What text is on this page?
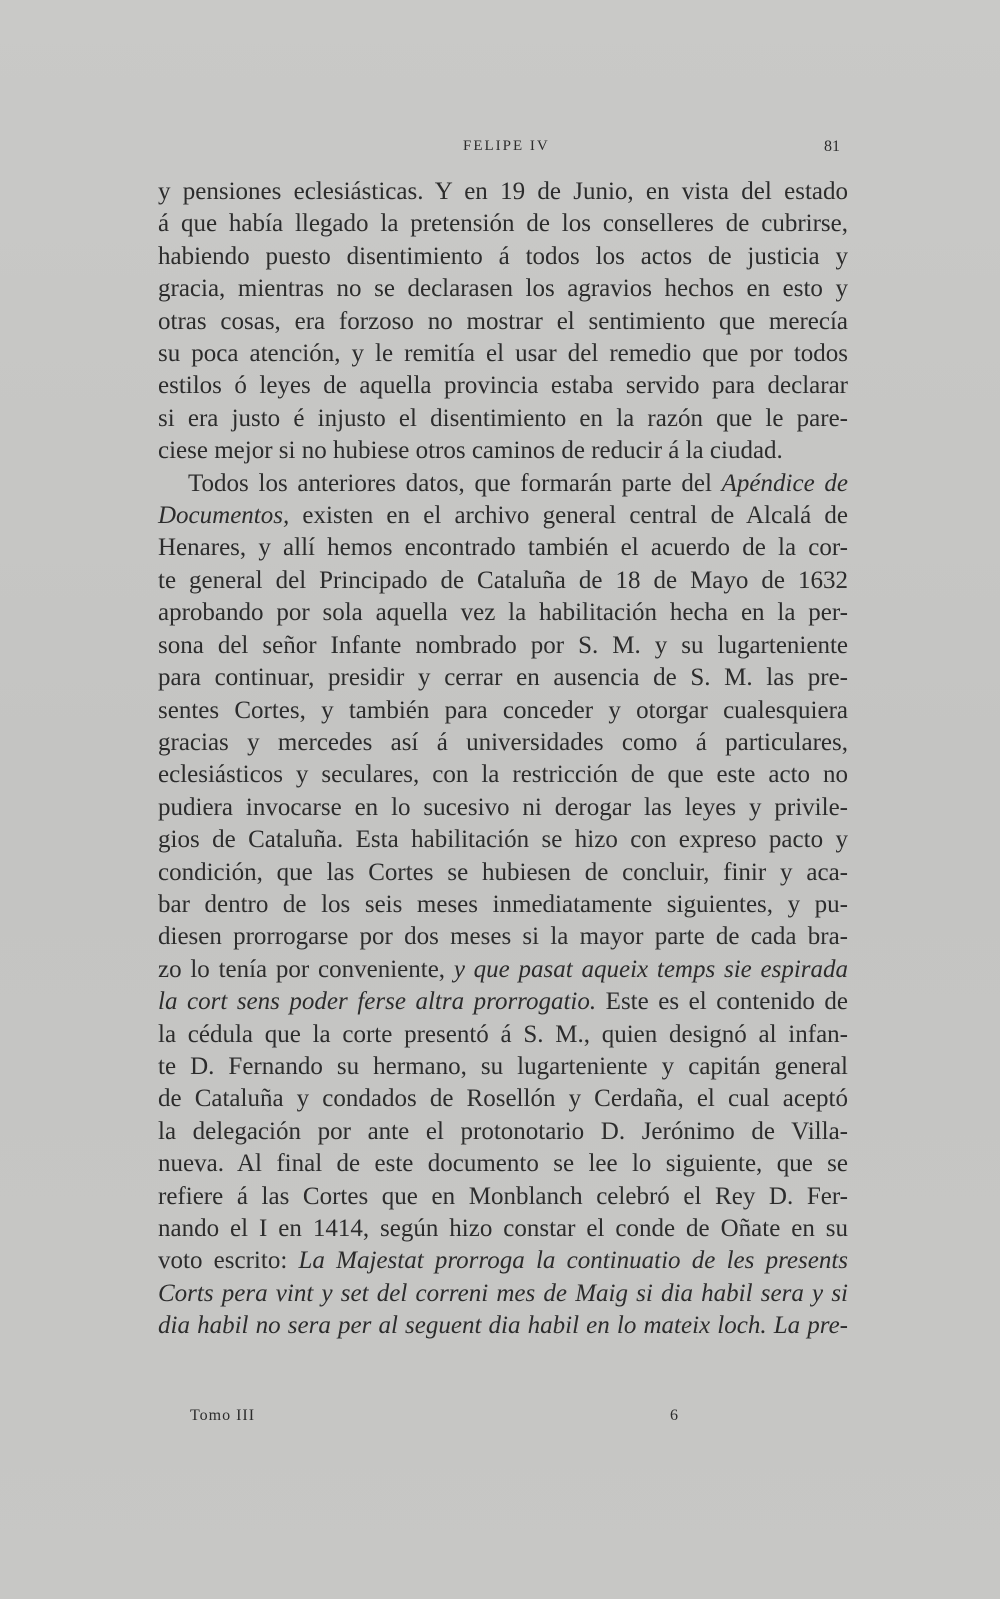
FELIPE IV	81
y pensiones eclesiásticas. Y en 19 de Junio, en vista del estado
á que había llegado la pretensión de los conselleres de cubrirse,
habiendo puesto disentimiento á todos los actos de justicia y
gracia, mientras no se declarasen los agravios hechos en esto y
otras cosas, era forzoso no mostrar el sentimiento que merecía
su poca atención, y le remitía el usar del remedio que por todos
estilos ó leyes de aquella provincia estaba servido para declarar
si era justo é injusto el disentimiento en la razón que le pare-
ciese mejor si no hubiese otros caminos de reducir á la ciudad.
Todos los anteriores datos, que formarán parte del Apéndice de
Documentos, existen en el archivo general central de Alcalá de
Henares, y allí hemos encontrado también el acuerdo de la cor-
te general del Principado de Cataluña de 18 de Mayo de 1632
aprobando por sola aquella vez la habilitación hecha en la per-
sona del señor Infante nombrado por S. M. y su lugarteniente
para continuar, presidir y cerrar en ausencia de S. M. las pre-
sentes Cortes, y también para conceder y otorgar cualesquiera
gracias y mercedes así á universidades como á particulares,
eclesiásticos y seculares, con la restricción de que este acto no
pudiera invocarse en lo sucesivo ni derogar las leyes y privile-
gios de Cataluña. Esta habilitación se hizo con expreso pacto y
condición, que las Cortes se hubiesen de concluir, finir y aca-
bar dentro de los seis meses inmediatamente siguientes, y pu-
diesen prorrogarse por dos meses si la mayor parte de cada bra-
zo lo tenía por conveniente, y que pasat aqueix temps sie espirada
la cort sens poder ferse altra prorrogatio. Este es el contenido de
la cédula que la corte presentó á S. M., quien designó al infan-
te D. Fernando su hermano, su lugarteniente y capitán general
de Cataluña y condados de Rosellón y Cerdaña, el cual aceptó
la delegación por ante el protonotario D. Jerónimo de Villa-
nueva. Al final de este documento se lee lo siguiente, que se
refiere á las Cortes que en Monblanch celebró el Rey D. Fer-
nando el I en 1414, según hizo constar el conde de Oñate en su
voto escrito: La Majestat prorroga la continuatio de les presents
Corts pera vint y set del correni mes de Maig si dia habil sera y si
dia habil no sera per al seguent dia habil en lo mateix loch. La pre-
Tomo III	6
